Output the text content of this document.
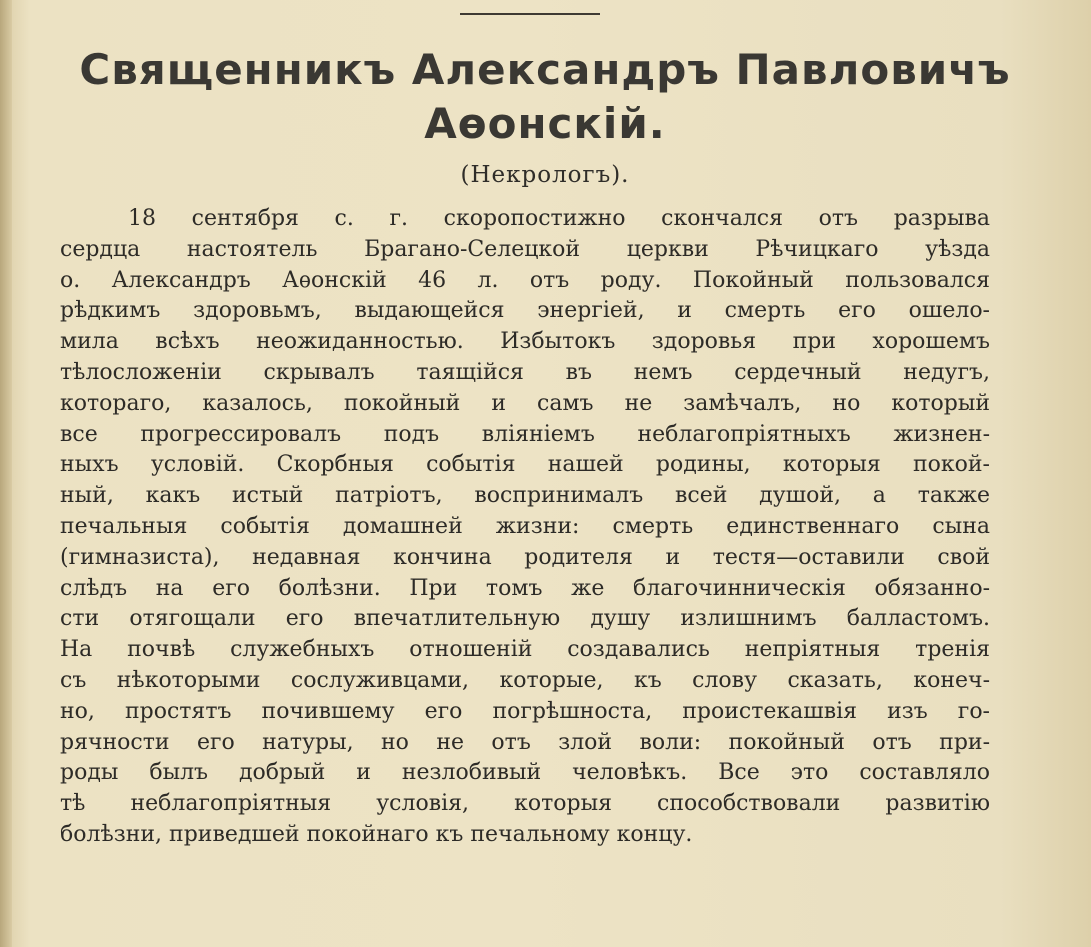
Священникъ Александръ Павловичъ
Аѳонскій.
(Некрологъ).
18 сентября с. г. скоропостижно скончался отъ разрыва
сердца настоятель Брагано-Селецкой церкви Рѣчицкаго уѣзда
о. Александръ Аѳонскій 46 л. отъ роду. Покойный пользовался
рѣдкимъ здоровьмъ, выдающейся энергіей, и смерть его ошело-
мила всѣхъ неожиданностью. Избытокъ здоровья при хорошемъ
тѣлосложеніи скрывалъ таящійся въ немъ сердечный недугъ,
котораго, казалось, покойный и самъ не замѣчалъ, но который
все прогрессировалъ подъ вліяніемъ неблагопріятныхъ жизнен-
ныхъ условій. Скорбныя событія нашей родины, которыя покой-
ный, какъ истый патріотъ, воспринималъ всей душой, а также
печальныя событія домашней жизни: смерть единственнаго сына
(гимназиста), недавная кончина родителя и тестя—оставили свой
слѣдъ на его болѣзни. При томъ же благочинническія обязанно-
сти отягощали его впечатлительную душу излишнимъ балластомъ.
На почвѣ служебныхъ отношеній создавались непріятныя тренія
съ нѣкоторыми сослуживцами, которые, къ слову сказать, конеч-
но, простятъ почившему его погрѣшноста, проистекашвія изъ го-
рячности его натуры, но не отъ злой воли: покойный отъ при-
роды былъ добрый и незлобивый человѣкъ. Все это составляло
тѣ неблагопріятныя условія, которыя способствовали развитію
болѣзни, приведшей покойнаго къ печальному концу.
